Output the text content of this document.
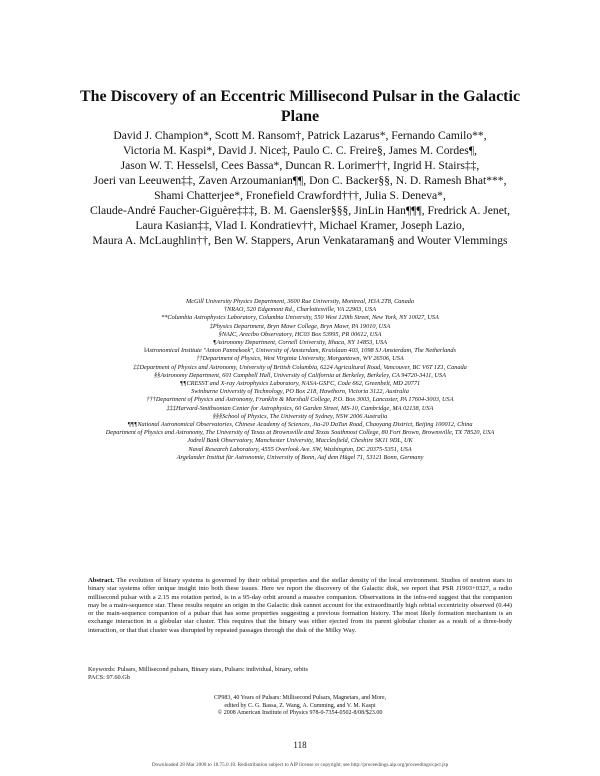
The Discovery of an Eccentric Millisecond Pulsar in the Galactic Plane
David J. Champion*, Scott M. Ransom†, Patrick Lazarus*, Fernando Camilo**, Victoria M. Kaspi*, David J. Nice‡, Paulo C. C. Freire§, James M. Cordes¶, Jason W. T. Hessels‖, Cees Bassa*, Duncan R. Lorimer††, Ingrid H. Stairs‡‡, Joeri van Leeuwen‡‡, Zaven Arzoumanian¶¶, Don C. Backer§§, N. D. Ramesh Bhat***, Shami Chatterjee*, Fronefield Crawford†††, Julia S. Deneva*, Claude-André Faucher-Giguère‡‡‡, B. M. Gaensler§§§, JinLin Han¶¶¶, Fredrick A. Jenet, Laura Kasian‡‡, Vlad I. Kondratiev††, Michael Kramer, Joseph Lazio, Maura A. McLaughlin††, Ben W. Stappers, Arun Venkataraman§ and Wouter Vlemmings
McGill University Physics Department, 3600 Rue University, Montreal, H3A 2T8, Canada
†NRAO, 520 Edgemont Rd., Charlottesville, VA 22903, USA
**Columbia Astrophysics Laboratory, Columbia University, 550 West 120th Street, New York, NY 10027, USA
‡Physics Department, Bryn Mawr College, Bryn Mawr, PA 19010, USA
§NAIC, Arecibo Observatory, HC03 Box 53995, PR 00612, USA
¶Astronomy Department, Cornell University, Ithaca, NY 14853, USA
‖Astronomical Institute "Anton Pannekoek", University of Amsterdam, Kruislaan 403, 1098 SJ Amsterdam, The Netherlands
††Department of Physics, West Virginia University, Morgantown, WV 26506, USA
‡‡Department of Physics and Astronomy, University of British Columbia, 6224 Agricultural Road, Vancouver, BC V6T 1Z1, Canada
§§Astronomy Department, 601 Campbell Hall, University of California at Berkeley, Berkeley, CA 94720-3411, USA
¶¶CRESST and X-ray Astrophysics Laboratory, NASA-GSFC, Code 662, Greenbelt, MD 20771
Swinburne University of Technology, PO Box 218, Hawthorn, Victoria 3122, Australia
†††Department of Physics and Astronomy, Franklin & Marshall College, P.O. Box 3003, Lancaster, PA 17604-3003, USA
‡‡‡Harvard-Smithsonian Center for Astrophysics, 60 Garden Street, MS-10, Cambridge, MA 02138, USA
§§§School of Physics, The University of Sydney, NSW 2006 Australia
¶¶¶National Astronomical Observatories, Chinese Academy of Sciences, Jia-20 DaTun Road, Chaoyang District, Beijing 100012, China
Department of Physics and Astronomy, The University of Texas at Brownsville and Texas Southmost College, 80 Fort Brown, Brownsville, TX 78520, USA
Jodrell Bank Observatory, Manchester University, Macclesfield, Cheshire SK11 9DL, UK
Naval Research Laboratory, 4555 Overlook Ave. SW, Washington, DC 20375-5351, USA
Argelander Institut für Astronomie, University of Bonn, Auf dem Hügel 71, 53121 Bonn, Germany
Abstract. The evolution of binary systems is governed by their orbital properties and the stellar density of the local environment. Studies of neutron stars in binary star systems offer unique insight into both these issues. Here we report the discovery of the Galactic disk, we report that PSR J1903+0327, a radio millisecond pulsar with a 2.15 ms rotation period, is in a 95-day orbit around a massive companion. Observations in the infra-red suggest that the companion may be a main-sequence star. These results require an origin in the Galactic disk cannot account for the extraordinarily high orbital eccentricity observed (0.44) or the main-sequence companion of a pulsar that has some properties suggesting a previous formation history. The most likely formation mechanism is an exchange interaction in a globular star cluster. This requires that the binary was either ejected from its parent globular cluster as a result of a three-body interaction, or that that cluster was disrupted by repeated passages through the disk of the Milky Way.
Keywords: Pulsars, Millisecond pulsars, Binary stars, Pulsars: individual, binary, orbits
PACS: 97.60.Gb
CP983, 40 Years of Pulsars: Millisecond Pulsars, Magnetars, and More,
edited by C. G. Bassa, Z. Wang, A. Cumming, and V. M. Kaspi
© 2008 American Institute of Physics 978-0-7354-0502-8/08/$23.00
118
Downloaded 28 Mar 2008 to 18.75.0.10. Redistribution subject to AIP license or copyright; see http://proceedings.aip.org/proceedings/cpcr.jsp
